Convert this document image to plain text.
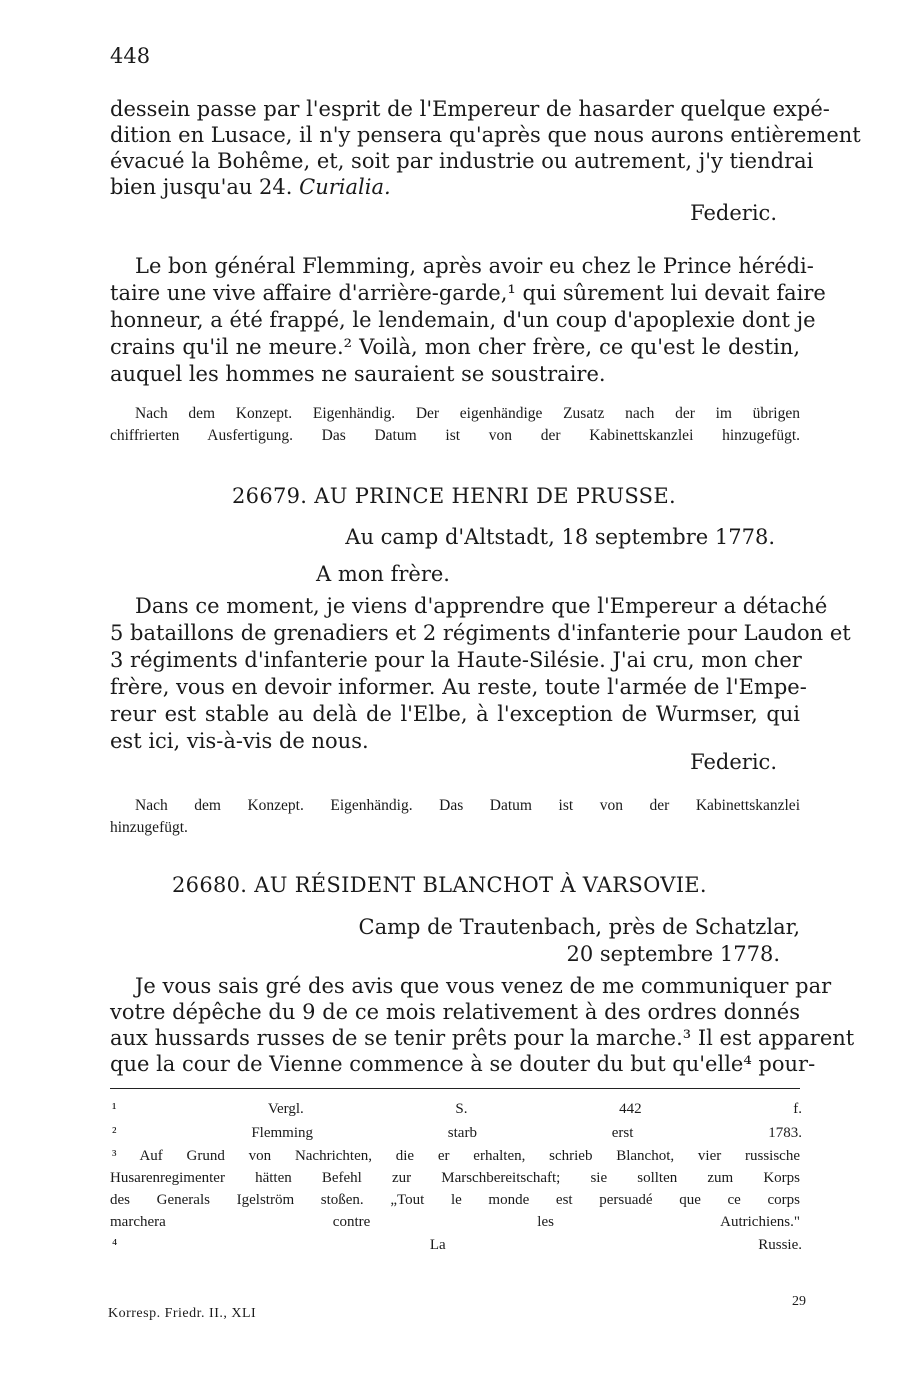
448
dessein passe par l'esprit de l'Empereur de hasarder quelque expé-
dition en Lusace, il n'y pensera qu'après que nous aurons entièrement
évacué la Bohême, et, soit par industrie ou autrement, j'y tiendrai
bien jusqu'au 24. Curialia.
Federic.
Le bon général Flemming, après avoir eu chez le Prince hérédi-
taire une vive affaire d'arrière-garde,¹ qui sûrement lui devait faire
honneur, a été frappé, le lendemain, d'un coup d'apoplexie dont je
crains qu'il ne meure.² Voilà, mon cher frère, ce qu'est le destin,
auquel les hommes ne sauraient se soustraire.
Nach dem Konzept. Eigenhändig. Der eigenhändige Zusatz nach der im übrigen
chiffrierten Ausfertigung. Das Datum ist von der Kabinettskanzlei hinzugefügt.
26679. AU PRINCE HENRI DE PRUSSE.
Au camp d'Altstadt, 18 septembre 1778.
A mon frère.
Dans ce moment, je viens d'apprendre que l'Empereur a détaché
5 bataillons de grenadiers et 2 régiments d'infanterie pour Laudon et
3 régiments d'infanterie pour la Haute-Silésie. J'ai cru, mon cher
frère, vous en devoir informer. Au reste, toute l'armée de l'Empe-
reur est stable au delà de l'Elbe, à l'exception de Wurmser, qui
est ici, vis-à-vis de nous.
Federic.
Nach dem Konzept. Eigenhändig. Das Datum ist von der Kabinettskanzlei
hinzugefügt.
26680. AU RÉSIDENT BLANCHOT À VARSOVIE.
Camp de Trautenbach, près de Schatzlar,
20 septembre 1778.
Je vous sais gré des avis que vous venez de me communiquer par
votre dépêche du 9 de ce mois relativement à des ordres donnés
aux hussards russes de se tenir prêts pour la marche.³ Il est apparent
que la cour de Vienne commence à se douter du but qu'elle⁴ pour-
¹ Vergl. S. 442 f.
² Flemming starb erst 1783.
³ Auf Grund von Nachrichten, die er erhalten, schrieb Blanchot, vier russische
Husarenregimenter hätten Befehl zur Marschbereitschaft; sie sollten zum Korps
des Generals Igelström stoßen. „Tout le monde est persuadé que ce corps
marchera contre les Autrichiens."
⁴ La Russie.
Korresp. Friedr. II., XLI
29
